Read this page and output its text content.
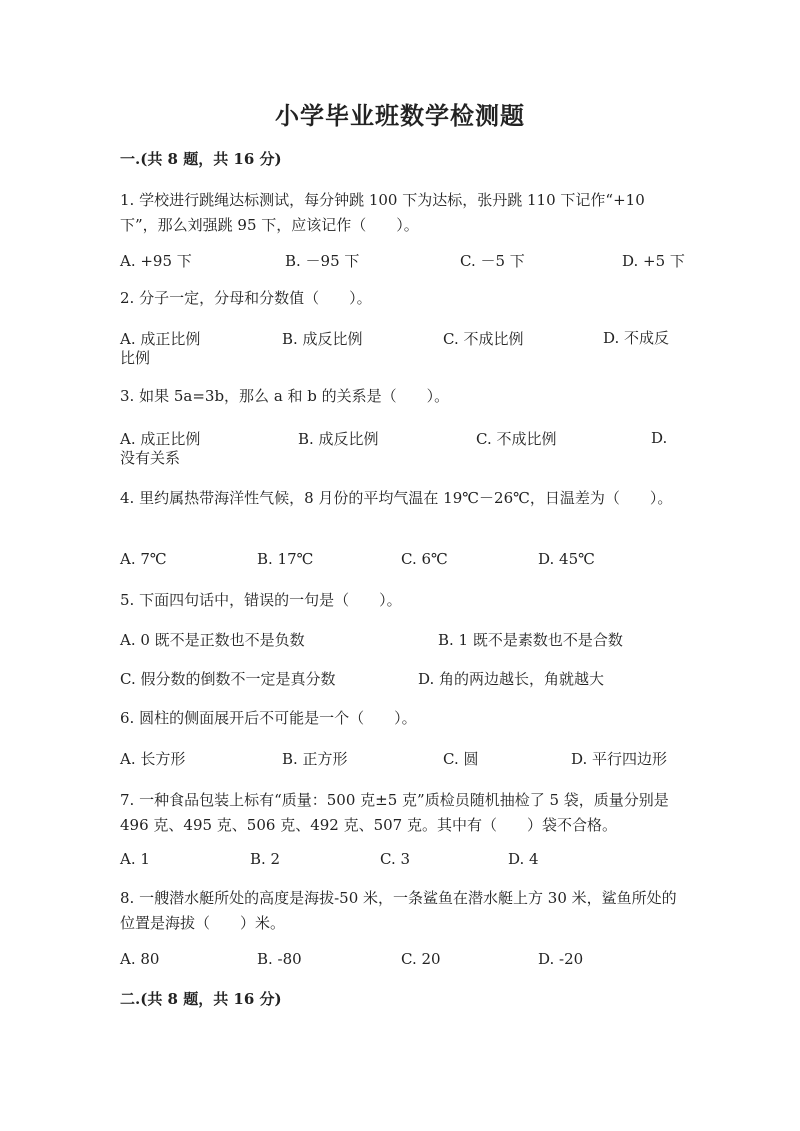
小学毕业班数学检测题
一.(共 8 题，共 16 分)
1. 学校进行跳绳达标测试，每分钟跳 100 下为达标，张丹跳 110 下记作“+10 下”，那么刘强跳 95 下，应该记作（　　）。
A. +95 下	B. －95 下	C. －5 下	D. +5 下
2. 分子一定，分母和分数值（　　）。
A. 成正比例	B. 成反比例	C. 不成比例	D. 不成反比例
3. 如果 5a=3b，那么 a 和 b 的关系是（　　）。
A. 成正比例	B. 成反比例	C. 不成比例	D. 没有关系
4. 里约属热带海洋性气候，8 月份的平均气温在 19℃－26℃，日温差为（　　）。
A. 7℃	B. 17℃	C. 6℃	D. 45℃
5. 下面四句话中，错误的一句是（　　）。
A. 0 既不是正数也不是负数	B. 1 既不是素数也不是合数
C. 假分数的倒数不一定是真分数	D. 角的两边越长，角就越大
6. 圆柱的侧面展开后不可能是一个（　　）。
A. 长方形	B. 正方形	C. 圆	D. 平行四边形
7. 一种食品包装上标有“质量：500 克±5 克”质检员随机抽检了 5 袋，质量分别是 496 克、495 克、506 克、492 克、507 克。其中有（　　）袋不合格。
A. 1	B. 2	C. 3	D. 4
8. 一艘潜水艇所处的高度是海拔-50 米，一条鲨鱼在潜水艇上方 30 米，鲨鱼所处的位置是海拔（　　）米。
A. 80	B. -80	C. 20	D. -20
二.(共 8 题，共 16 分)
